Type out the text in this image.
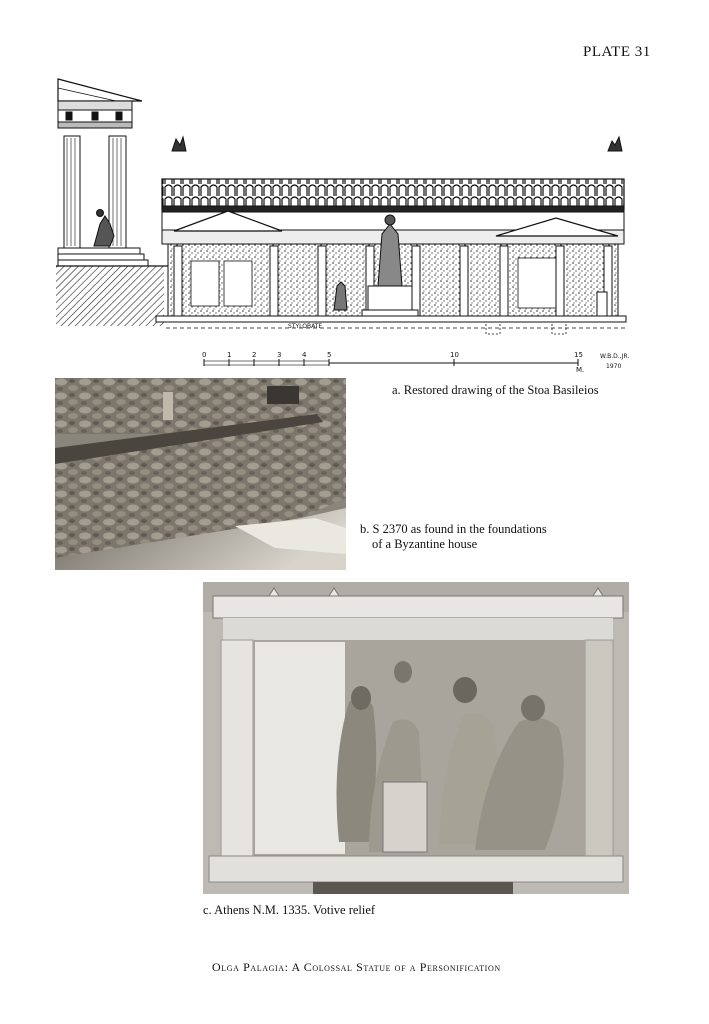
PLATE 31
STYLOBATE
0	1	2	3	4	5	10	15
M.
W.B.D.,JR.
1970
a. Restored drawing of the Stoa Basileios
b. S 2370 as found in the foundations
of a Byzantine house
c. Athens N.M. 1335. Votive relief
Olga Palagia: A Colossal Statue of a Personification
